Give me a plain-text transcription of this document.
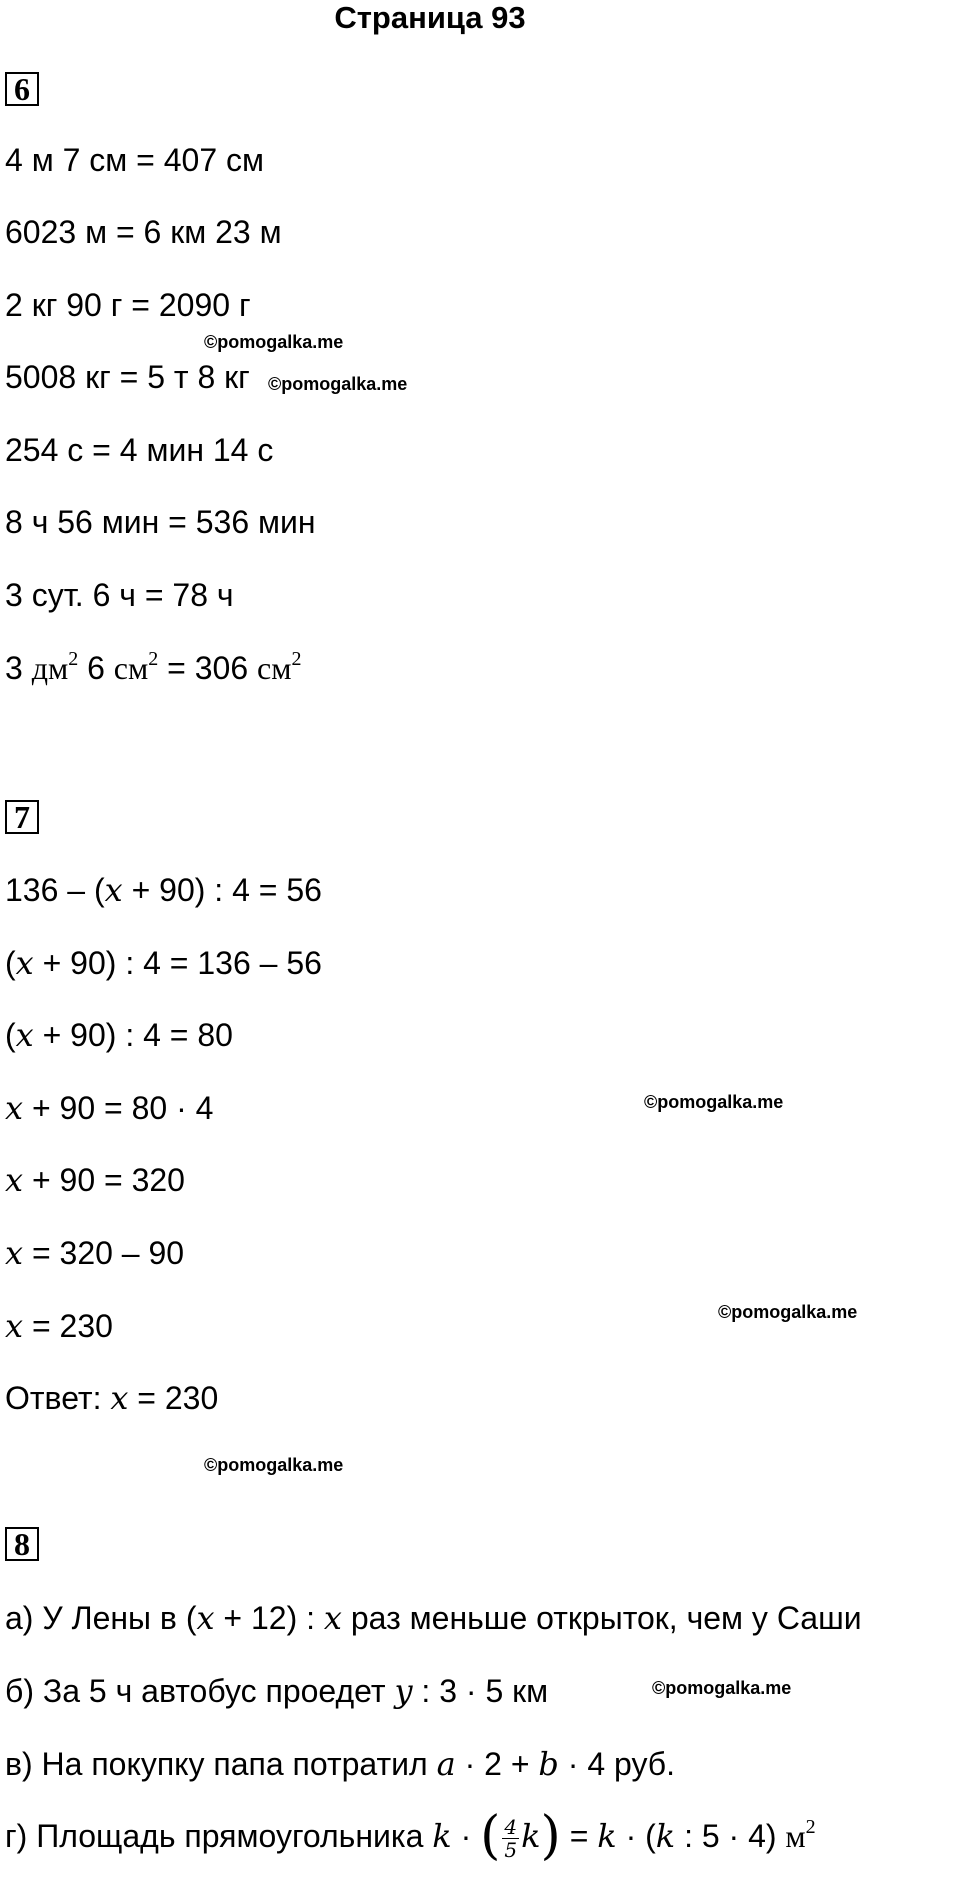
Страница 93
6
4 м 7 см = 407 см
6023 м = 6 км 23 м
2 кг 90 г = 2090 г
5008 кг = 5 т 8 кг
254 с = 4 мин 14 с
8 ч 56 мин = 536 мин
3 сут. 6 ч = 78 ч
3 $дм^2$ 6 $см^2 = 306$ $см^2$
7
136 – (x + 90) : 4 = 56
(x + 90) : 4 = 136 – 56
(x + 90) : 4 = 80
x + 90 = 80 · 4
x + 90 = 320
x = 320 – 90
x = 230
Ответ: x = 230
8
а) У Лены в (x + 12) : x раз меньше открыток, чем у Саши
б) За 5 ч автобус проедет y : 3 · 5 км
в) На покупку папа потратил a · 2 + b · 4 руб.
г) Площадь прямоугольника k · ( $\frac{4}{5} k) = k \cdot (k$ : 5 · 4) $м^2$
©pomogalka.me
©pomogalka.me
©pomogalka.me
©pomogalka.me
©pomogalka.me
©pomogalka.me
